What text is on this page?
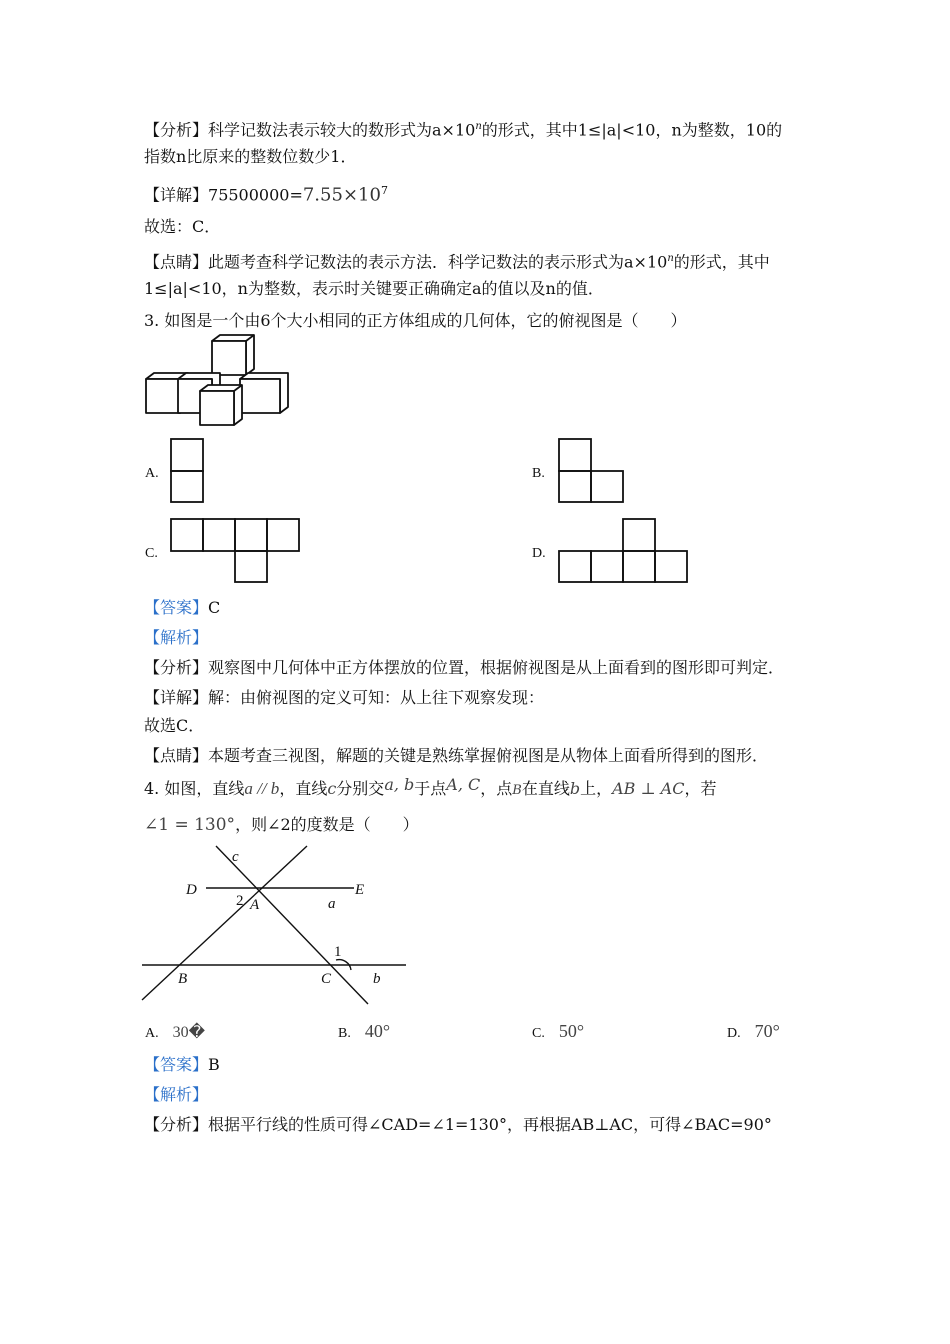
【分析】科学记数法表示较大的数形式为$a\times 10^n$的形式，其中1≤|a|<10，n为整数，10的
指数n比原来的整数位数少1．
【详解】$75500000=7.55\times 10^7$
故选：C．
【点睛】此题考查科学记数法的表示方法．科学记数法的表示形式为$a\times 10^n$的形式，其中
1≤|a|<10，n为整数，表示时关键要正确确定a的值以及n的值．
3. 如图是一个由6个大小相同的正方体组成的几何体，它的俯视图是（　　）
A.	B.
C.	D.
【答案】C
【解析】
【分析】观察图中几何体中正方体摆放的位置，根据俯视图是从上面看到的图形即可判定．
【详解】解：由俯视图的定义可知：从上往下观察发现：
故选C．
【点睛】本题考查三视图，解题的关键是熟练掌握俯视图是从物体上面看所得到的图形．
4. 如图，直线a // b，直线c分别交a, b于点A, C，点B在直线b上，AB ⊥ AC，若
∠1 = 130°，则∠2的度数是（　　）
c
D	E
2 A	a
1
B	C	b
A. 30�	B. 40°	C. 50°	D. 70°
【答案】B
【解析】
【分析】根据平行线的性质可得∠CAD=∠1=130°，再根据AB⊥AC，可得∠BAC=90°
